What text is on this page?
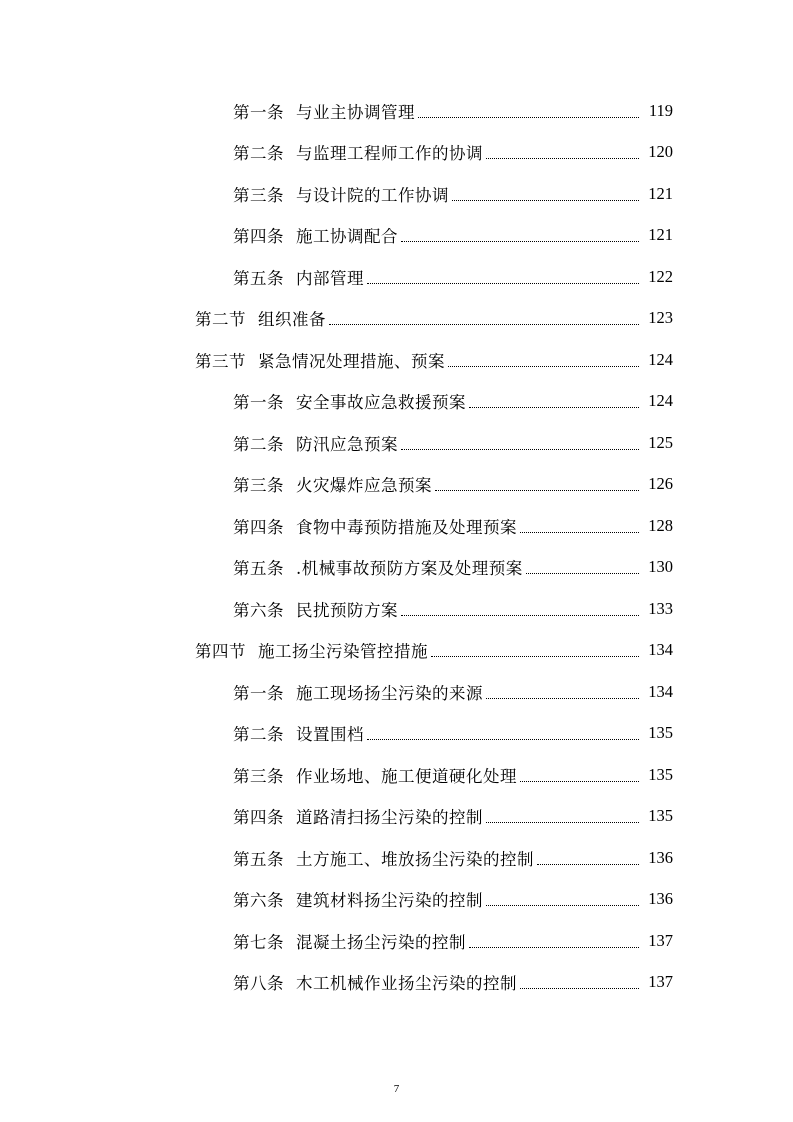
第一条 与业主协调管理	119
第二条 与监理工程师工作的协调	120
第三条 与设计院的工作协调	121
第四条 施工协调配合	121
第五条 内部管理	122
第二节 组织准备	123
第三节 紧急情况处理措施、预案	124
第一条 安全事故应急救援预案	124
第二条 防汛应急预案	125
第三条 火灾爆炸应急预案	126
第四条 食物中毒预防措施及处理预案	128
第五条 .机械事故预防方案及处理预案	130
第六条 民扰预防方案	133
第四节 施工扬尘污染管控措施	134
第一条 施工现场扬尘污染的来源	134
第二条 设置围档	135
第三条 作业场地、施工便道硬化处理	135
第四条 道路清扫扬尘污染的控制	135
第五条 土方施工、堆放扬尘污染的控制	136
第六条 建筑材料扬尘污染的控制	136
第七条 混凝土扬尘污染的控制	137
第八条 木工机械作业扬尘污染的控制	137
7
